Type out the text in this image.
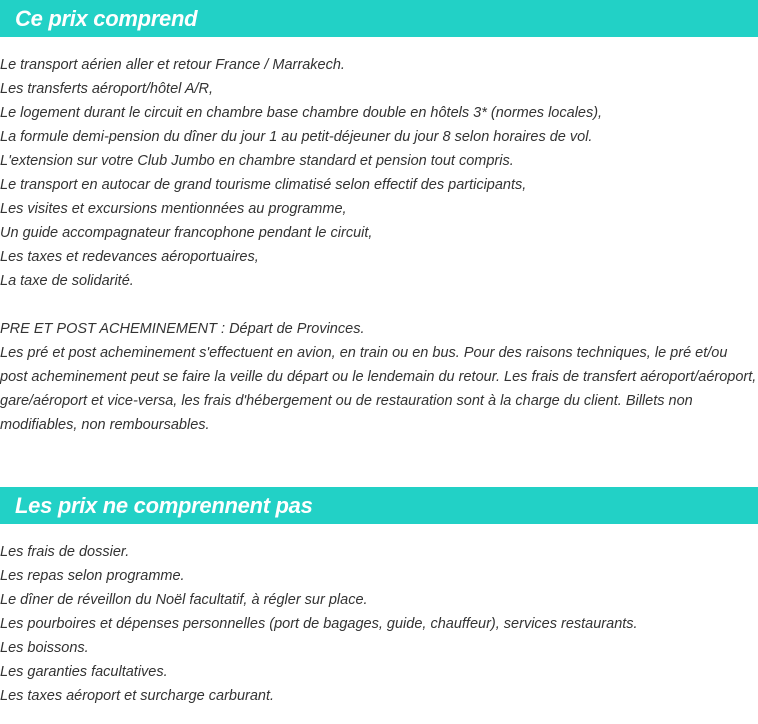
Ce prix comprend
Le transport aérien aller et retour France / Marrakech.
Les transferts aéroport/hôtel A/R,
Le logement durant le circuit en chambre base chambre double en hôtels 3* (normes locales),
La formule demi-pension du dîner du jour 1 au petit-déjeuner du jour 8 selon horaires de vol.
L'extension sur votre Club Jumbo en chambre standard et pension tout compris.
Le transport en autocar de grand tourisme climatisé selon effectif des participants,
Les visites et excursions mentionnées au programme,
Un guide accompagnateur francophone pendant le circuit,
Les taxes et redevances aéroportuaires,
La taxe de solidarité.

PRE ET POST ACHEMINEMENT : Départ de Provinces.

Les pré et post acheminement s'effectuent en avion, en train ou en bus. Pour des raisons techniques, le pré et/ou post acheminement peut se faire la veille du départ ou le lendemain du retour. Les frais de transfert aéroport/aéroport, gare/aéroport et vice-versa, les frais d'hébergement ou de restauration sont à la charge du client. Billets non modifiables, non remboursables.

Les prix ne comprennent pas
Les frais de dossier.
Les repas selon programme.
Le dîner de réveillon du Noël facultatif, à régler sur place.
Les pourboires et dépenses personnelles (port de bagages, guide, chauffeur), services restaurants.
Les boissons.
Les garanties facultatives.
Les taxes aéroport et surcharge carburant.
